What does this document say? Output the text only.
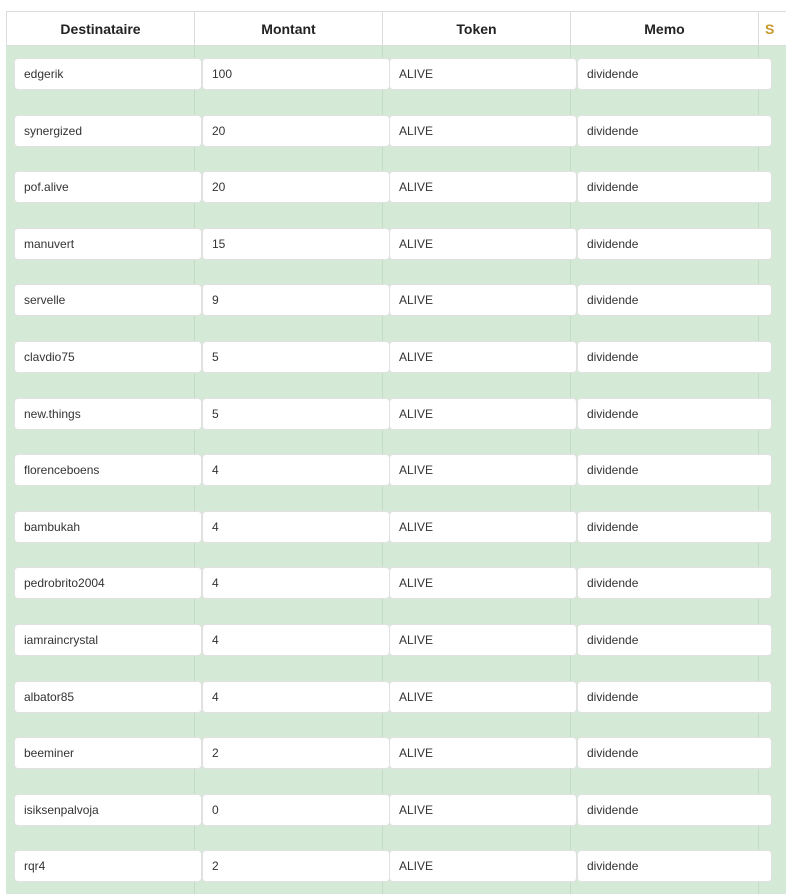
Destinataire	Montant	Token	Memo	S
edgerik	100	ALIVE	dividende
synergized	20	ALIVE	dividende
pof.alive	20	ALIVE	dividende
manuvert	15	ALIVE	dividende
servelle	9	ALIVE	dividende
clavdio75	5	ALIVE	dividende
new.things	5	ALIVE	dividende
florenceboens	4	ALIVE	dividende
bambukah	4	ALIVE	dividende
pedrobrito2004	4	ALIVE	dividende
iamraincrystal	4	ALIVE	dividende
albator85	4	ALIVE	dividende
beeminer	2	ALIVE	dividende
isiksenpalvoja	0	ALIVE	dividende
rqr4	2	ALIVE	dividende
